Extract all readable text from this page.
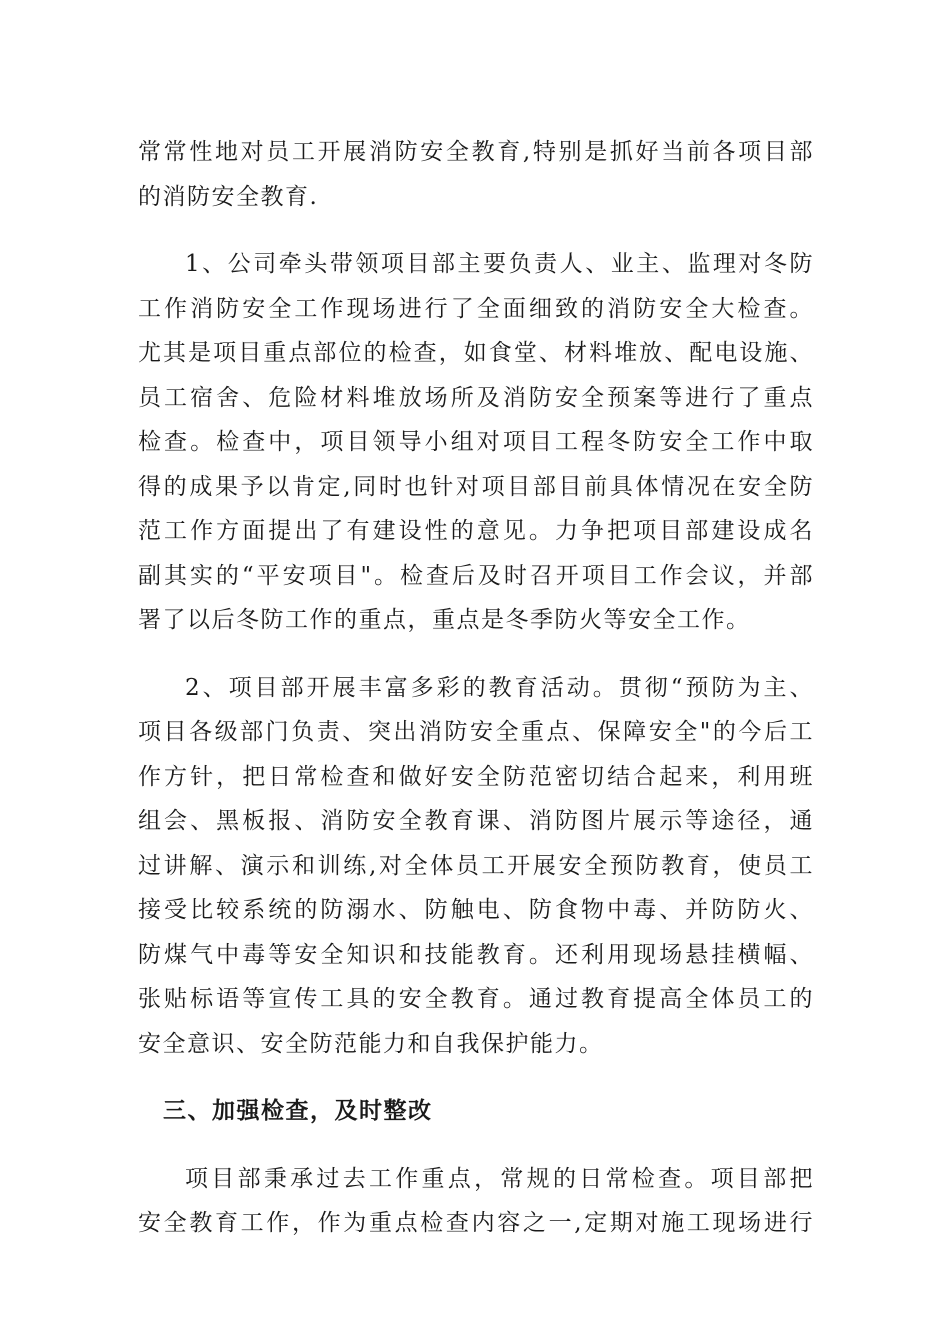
常常性地对员工开展消防安全教育,特别是抓好当前各项目部
的消防安全教育.
1、公司牵头带领项目部主要负责人、业主、监理对冬防
工作消防安全工作现场进行了全面细致的消防安全大检查。
尤其是项目重点部位的检查，如食堂、材料堆放、配电设施、
员工宿舍、危险材料堆放场所及消防安全预案等进行了重点
检查。检查中，项目领导小组对项目工程冬防安全工作中取
得的成果予以肯定,同时也针对项目部目前具体情况在安全防
范工作方面提出了有建设性的意见。力争把项目部建设成名
副其实的“平安项目"。检查后及时召开项目工作会议，并部
署了以后冬防工作的重点，重点是冬季防火等安全工作。
2、项目部开展丰富多彩的教育活动。贯彻“预防为主、
项目各级部门负责、突出消防安全重点、保障安全"的今后工
作方针，把日常检查和做好安全防范密切结合起来，利用班
组会、黑板报、消防安全教育课、消防图片展示等途径，通
过讲解、演示和训练,对全体员工开展安全预防教育，使员工
接受比较系统的防溺水、防触电、防食物中毒、并防防火、
防煤气中毒等安全知识和技能教育。还利用现场悬挂横幅、
张贴标语等宣传工具的安全教育。通过教育提高全体员工的
安全意识、安全防范能力和自我保护能力。
三、加强检查，及时整改
项目部秉承过去工作重点，常规的日常检查。项目部把
安全教育工作，作为重点检查内容之一,定期对施工现场进行
